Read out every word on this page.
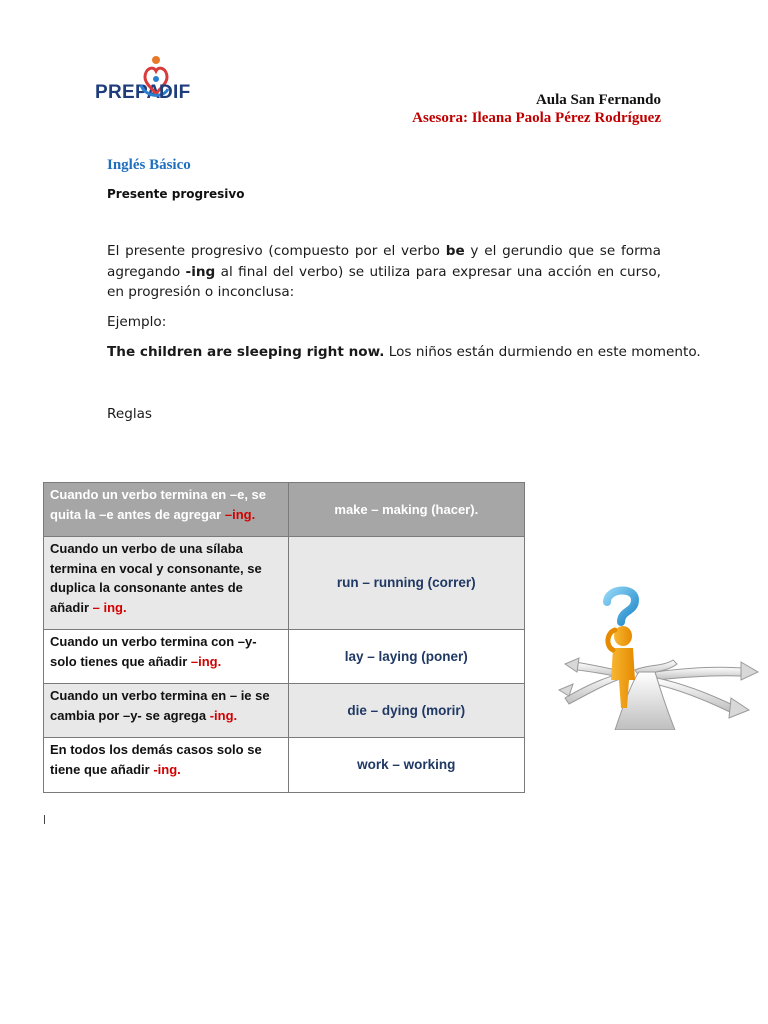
PREPA
DIF	Aula San Fernando
Asesora: Ileana Paola Pérez Rodríguez
Inglés Básico
Presente progresivo
El presente progresivo (compuesto por el verbo be y el gerundio que se forma agregando -ing al final del verbo) se utiliza para expresar una acción en curso, en progresión o inconclusa:
Ejemplo:
The children are sleeping right now. Los niños están durmiendo en este momento.
Reglas
Cuando un verbo termina en –e, se quita la –e antes de agregar –ing.	make – making (hacer).
Cuando un verbo de una sílaba termina en vocal y consonante, se duplica la consonante antes de añadir – ing.	run – running (correr)
Cuando un verbo termina con –y- solo tienes que añadir –ing.	lay – laying (poner)
Cuando un verbo termina en – ie se cambia por –y- se agrega -ing.	die – dying (morir)
En todos los demás casos solo se tiene que añadir -ing.	work – working
